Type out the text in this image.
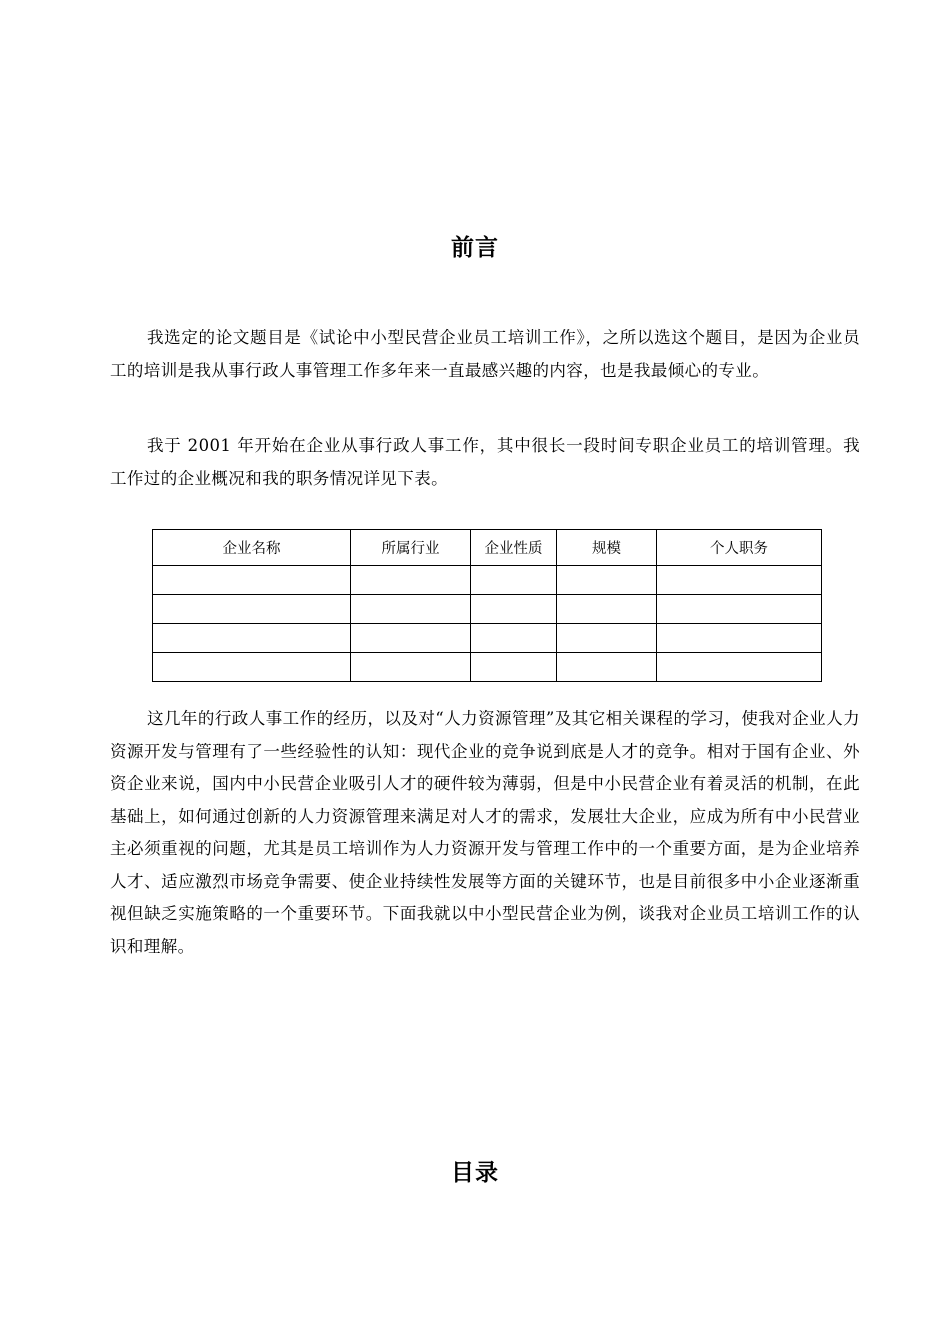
前言

我选定的论文题目是《试论中小型民营企业员工培训工作》，之所以选这个题目，是因为企业员工的培训是我从事行政人事管理工作多年来一直最感兴趣的内容，也是我最倾心的专业。

我于 2001 年开始在企业从事行政人事工作，其中很长一段时间专职企业员工的培训管理。我工作过的企业概况和我的职务情况详见下表。

企业名称	所属行业	企业性质	规模	个人职务

这几年的行政人事工作的经历，以及对“人力资源管理”及其它相关课程的学习，使我对企业人力资源开发与管理有了一些经验性的认知：现代企业的竞争说到底是人才的竞争。相对于国有企业、外资企业来说，国内中小民营企业吸引人才的硬件较为薄弱，但是中小民营企业有着灵活的机制，在此基础上，如何通过创新的人力资源管理来满足对人才的需求，发展壮大企业，应成为所有中小民营业主必须重视的问题，尤其是员工培训作为人力资源开发与管理工作中的一个重要方面，是为企业培养人才、适应激烈市场竞争需要、使企业持续性发展等方面的关键环节，也是目前很多中小企业逐渐重视但缺乏实施策略的一个重要环节。下面我就以中小型民营企业为例，谈我对企业员工培训工作的认识和理解。

目录
